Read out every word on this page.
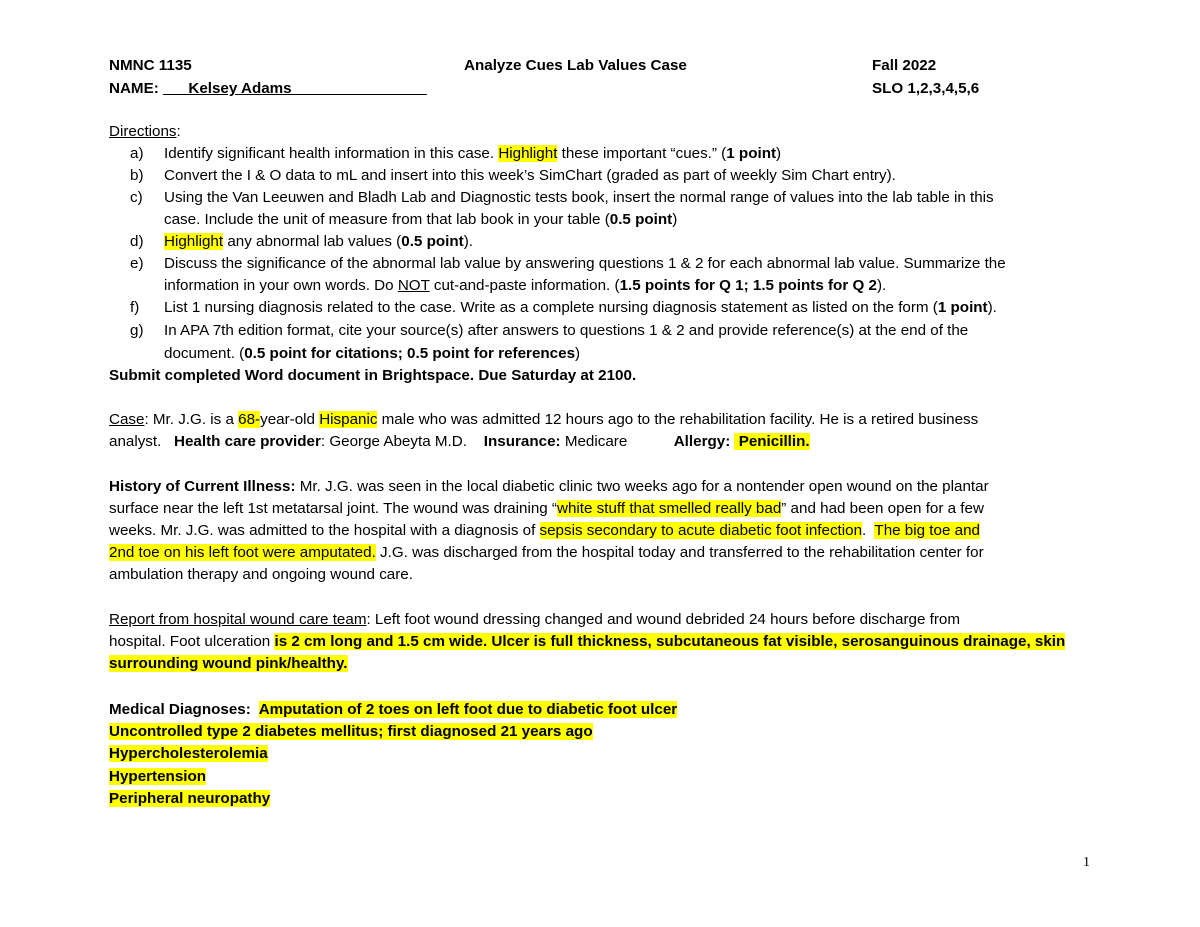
NMNC 1135	Analyze Cues Lab Values Case	Fall 2022
NAME: ___Kelsey Adams________________	SLO 1,2,3,4,5,6
Directions:
a) Identify significant health information in this case. Highlight these important “cues.” (1 point)
b) Convert the I & O data to mL and insert into this week’s SimChart (graded as part of weekly Sim Chart entry).
c) Using the Van Leeuwen and Bladh Lab and Diagnostic tests book, insert the normal range of values into the lab table in this
case. Include the unit of measure from that lab book in your table (0.5 point)
d) Highlight any abnormal lab values (0.5 point).
e) Discuss the significance of the abnormal lab value by answering questions 1 & 2 for each abnormal lab value. Summarize the
information in your own words. Do NOT cut-and-paste information. (1.5 points for Q 1; 1.5 points for Q 2).
f) List 1 nursing diagnosis related to the case. Write as a complete nursing diagnosis statement as listed on the form (1 point).
g) In APA 7th edition format, cite your source(s) after answers to questions 1 & 2 and provide reference(s) at the end of the
document. (0.5 point for citations; 0.5 point for references)
Submit completed Word document in Brightspace. Due Saturday at 2100.
Case: Mr. J.G. is a 68-year-old Hispanic male who was admitted 12 hours ago to the rehabilitation facility. He is a retired business
analyst.   Health care provider: George Abeyta M.D.    Insurance: Medicare           Allergy:  Penicillin.
History of Current Illness: Mr. J.G. was seen in the local diabetic clinic two weeks ago for a nontender open wound on the plantar
surface near the left 1st metatarsal joint. The wound was draining “white stuff that smelled really bad” and had been open for a few
weeks. Mr. J.G. was admitted to the hospital with a diagnosis of sepsis secondary to acute diabetic foot infection.  The big toe and
2nd toe on his left foot were amputated. J.G. was discharged from the hospital today and transferred to the rehabilitation center for
ambulation therapy and ongoing wound care.
Report from hospital wound care team: Left foot wound dressing changed and wound debrided 24 hours before discharge from
hospital. Foot ulceration is 2 cm long and 1.5 cm wide. Ulcer is full thickness, subcutaneous fat visible, serosanguinous drainage, skin
surrounding wound pink/healthy.
Medical Diagnoses: Amputation of 2 toes on left foot due to diabetic foot ulcer
Uncontrolled type 2 diabetes mellitus; first diagnosed 21 years ago
Hypercholesterolemia
Hypertension
Peripheral neuropathy
1
